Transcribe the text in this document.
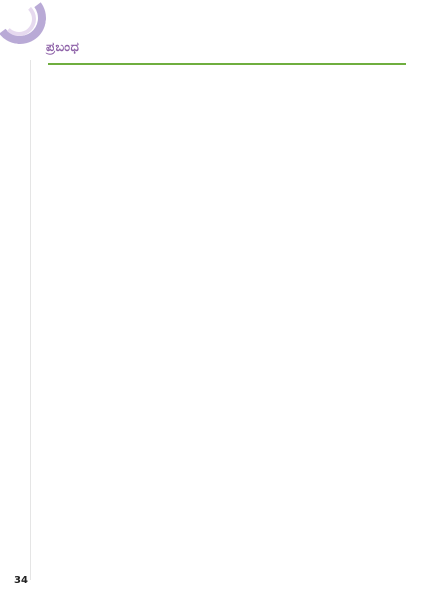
ಪ್ರಬಂಧ

34
